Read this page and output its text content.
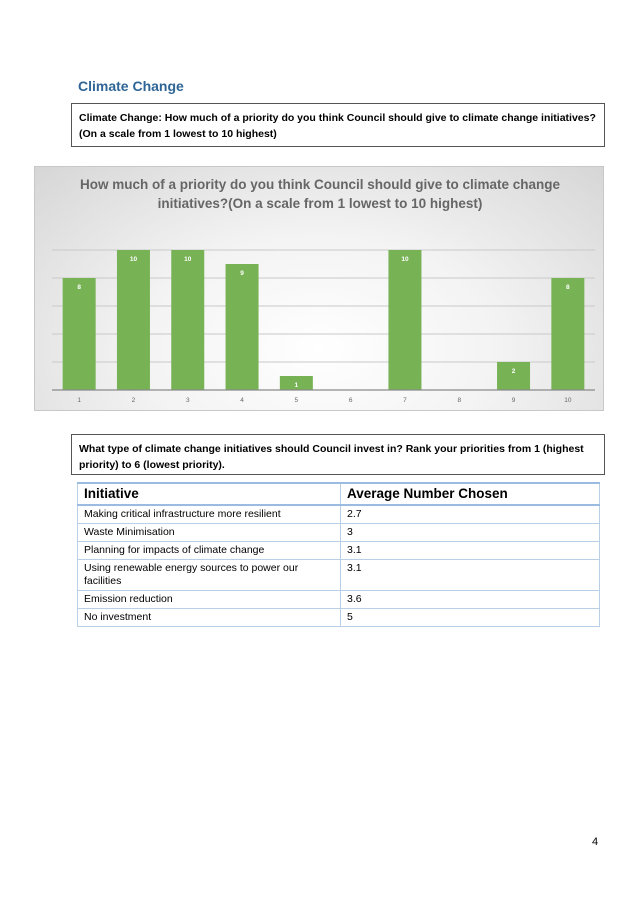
Climate Change
Climate Change: How much of a priority do you think Council should give to climate change initiatives? (On a scale from 1 lowest to 10 highest)
How much of a priority do you think Council should give to climate change initiatives?(On a scale from 1 lowest to 10 highest)
8
1
10
2
10
3
9
4
1
5	6
10
7	8
2
9
8
10
What type of climate change initiatives should Council invest in? Rank your priorities from 1 (highest priority) to 6 (lowest priority).
Initiative	Average Number Chosen
Making critical infrastructure more resilient	2.7
Waste Minimisation	3
Planning for impacts of climate change	3.1
Using renewable energy sources to power our facilities	3.1
Emission reduction	3.6
No investment	5
4
